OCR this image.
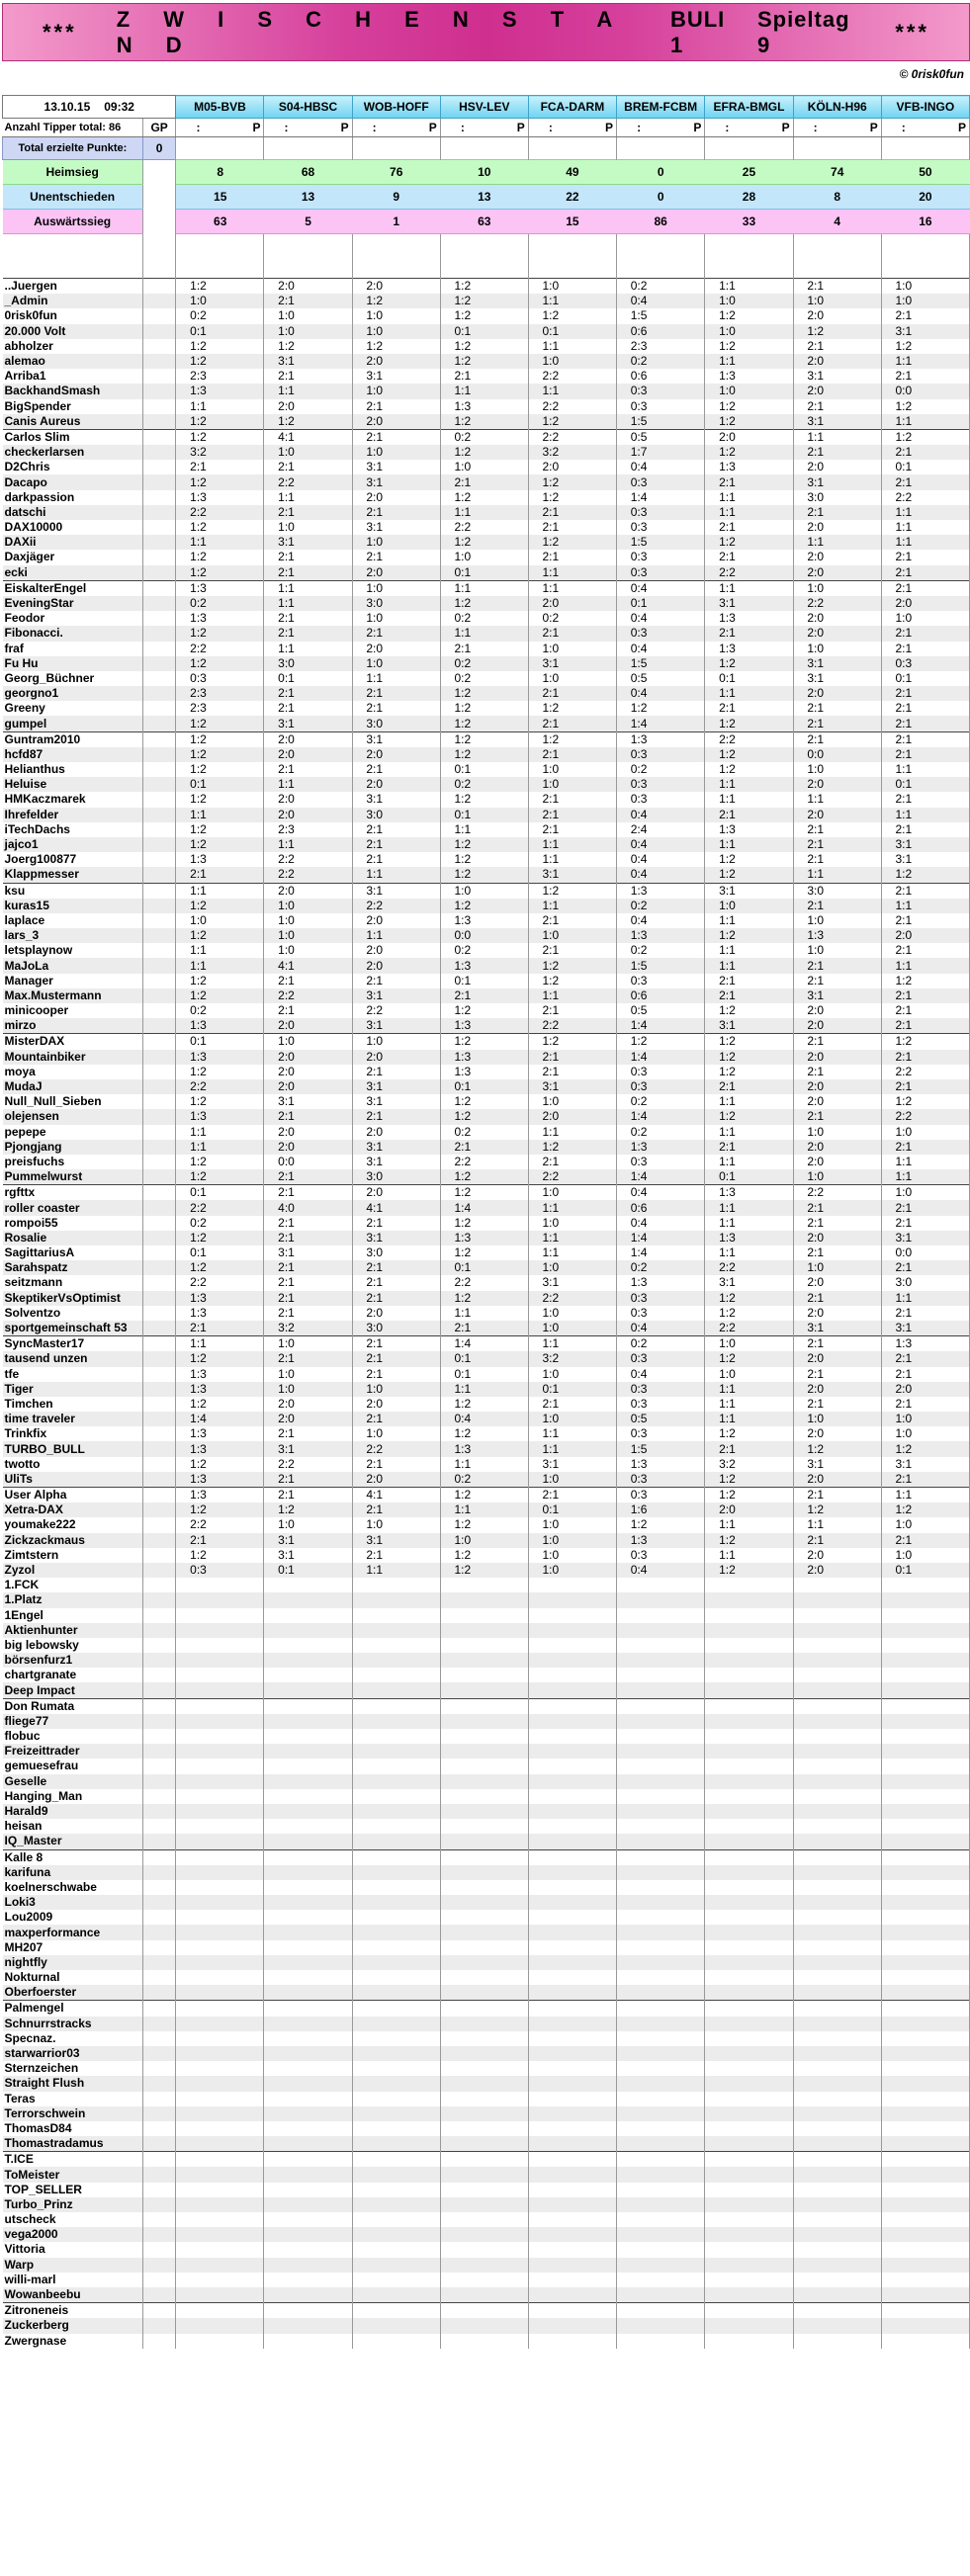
***
Z W I S C H E N S T A N D
BULI 1
Spieltag 9
***
© 0risk0fun
13.10.15 09:32		M05-BVB		S04-HBSC		WOB-HOFF		HSV-LEV		FCA-DARM		BREM-FCBM		EFRA-BMGL		KÖLN-H96		VFB-INGO	
Anzahl Tipper total: 86	GP	:	P	:	P	:	P	:	P	:	P	:	P	:	P	:	P	:	P
Total erzielte Punkte:	0																		
Heimsieg		8		68		76		10		49		0		25		74		50	
Unentschieden		15		13		9		13		22		0		28		8		20	
Auswärtssieg		63		5		1		63		15		86		33		4		16	

..Juergen		1:2		2:0		2:0		1:2		1:0		0:2		1:1		2:1		1:0	
_Admin		1:0		2:1		1:2		1:2		1:1		0:4		1:0		1:0		1:0	
0risk0fun		0:2		1:0		1:0		1:2		1:2		1:5		1:2		2:0		2:1	
20.000 Volt		0:1		1:0		1:0		0:1		0:1		0:6		1:0		1:2		3:1	
abholzer		1:2		1:2		1:2		1:2		1:1		2:3		1:2		2:1		1:2	
alemao		1:2		3:1		2:0		1:2		1:0		0:2		1:1		2:0		1:1	
Arriba1		2:3		2:1		3:1		2:1		2:2		0:6		1:3		3:1		2:1	
BackhandSmash		1:3		1:1		1:0		1:1		1:1		0:3		1:0		2:0		0:0	
BigSpender		1:1		2:0		2:1		1:3		2:2		0:3		1:2		2:1		1:2	
Canis Aureus		1:2		1:2		2:0		1:2		1:2		1:5		1:2		3:1		1:1	
Carlos Slim		1:2		4:1		2:1		0:2		2:2		0:5		2:0		1:1		1:2	
checkerlarsen		3:2		1:0		1:0		1:2		3:2		1:7		1:2		2:1		2:1	
D2Chris		2:1		2:1		3:1		1:0		2:0		0:4		1:3		2:0		0:1	
Dacapo		1:2		2:2		3:1		2:1		1:2		0:3		2:1		3:1		2:1	
darkpassion		1:3		1:1		2:0		1:2		1:2		1:4		1:1		3:0		2:2	
datschi		2:2		2:1		2:1		1:1		2:1		0:3		1:1		2:1		1:1	
DAX10000		1:2		1:0		3:1		2:2		2:1		0:3		2:1		2:0		1:1	
DAXii		1:1		3:1		1:0		1:2		1:2		1:5		1:2		1:1		1:1	
Daxjäger		1:2		2:1		2:1		1:0		2:1		0:3		2:1		2:0		2:1	
ecki		1:2		2:1		2:0		0:1		1:1		0:3		2:2		2:0		2:1	
EiskalterEngel		1:3		1:1		1:0		1:1		1:1		0:4		1:1		1:0		2:1	
EveningStar		0:2		1:1		3:0		1:2		2:0		0:1		3:1		2:2		2:0	
Feodor		1:3		2:1		1:0		0:2		0:2		0:4		1:3		2:0		1:0	
Fibonacci.		1:2		2:1		2:1		1:1		2:1		0:3		2:1		2:0		2:1	
fraf		2:2		1:1		2:0		2:1		1:0		0:4		1:3		1:0		2:1	
Fu Hu		1:2		3:0		1:0		0:2		3:1		1:5		1:2		3:1		0:3	
Georg_Büchner		0:3		0:1		1:1		0:2		1:0		0:5		0:1		3:1		0:1	
georgno1		2:3		2:1		2:1		1:2		2:1		0:4		1:1		2:0		2:1	
Greeny		2:3		2:1		2:1		1:2		1:2		1:2		2:1		2:1		2:1	
gumpel		1:2		3:1		3:0		1:2		2:1		1:4		1:2		2:1		2:1	
Guntram2010		1:2		2:0		3:1		1:2		1:2		1:3		2:2		2:1		2:1	
hcfd87		1:2		2:0		2:0		1:2		2:1		0:3		1:2		0:0		2:1	
Helianthus		1:2		2:1		2:1		0:1		1:0		0:2		1:2		1:0		1:1	
Heluise		0:1		1:1		2:0		0:2		1:0		0:3		1:1		2:0		0:1	
HMKaczmarek		1:2		2:0		3:1		1:2		2:1		0:3		1:1		1:1		2:1	
Ihrefelder		1:1		2:0		3:0		0:1		2:1		0:4		2:1		2:0		1:1	
iTechDachs		1:2		2:3		2:1		1:1		2:1		2:4		1:3		2:1		2:1	
jajco1		1:2		1:1		2:1		1:2		1:1		0:4		1:1		2:1		3:1	
Joerg100877		1:3		2:2		2:1		1:2		1:1		0:4		1:2		2:1		3:1	
Klappmesser		2:1		2:2		1:1		1:2		3:1		0:4		1:2		1:1		1:2	
ksu		1:1		2:0		3:1		1:0		1:2		1:3		3:1		3:0		2:1	
kuras15		1:2		1:0		2:2		1:2		1:1		0:2		1:0		2:1		1:1	
laplace		1:0		1:0		2:0		1:3		2:1		0:4		1:1		1:0		2:1	
lars_3		1:2		1:0		1:1		0:0		1:0		1:3		1:2		1:3		2:0	
letsplaynow		1:1		1:0		2:0		0:2		2:1		0:2		1:1		1:0		2:1	
MaJoLa		1:1		4:1		2:0		1:3		1:2		1:5		1:1		2:1		1:1	
Manager		1:2		2:1		2:1		0:1		1:2		0:3		2:1		2:1		1:2	
Max.Mustermann		1:2		2:2		3:1		2:1		1:1		0:6		2:1		3:1		2:1	
minicooper		0:2		2:1		2:2		1:2		2:1		0:5		1:2		2:0		2:1	
mirzo		1:3		2:0		3:1		1:3		2:2		1:4		3:1		2:0		2:1	
MisterDAX		0:1		1:0		1:0		1:2		1:2		1:2		1:2		2:1		1:2	
Mountainbiker		1:3		2:0		2:0		1:3		2:1		1:4		1:2		2:0		2:1	
moya		1:2		2:0		2:1		1:3		2:1		0:3		1:2		2:1		2:2	
MudaJ		2:2		2:0		3:1		0:1		3:1		0:3		2:1		2:0		2:1	
Null_Null_Sieben		1:2		3:1		3:1		1:2		1:0		0:2		1:1		2:0		1:2	
olejensen		1:3		2:1		2:1		1:2		2:0		1:4		1:2		2:1		2:2	
pepepe		1:1		2:0		2:0		0:2		1:1		0:2		1:1		1:0		1:0	
Pjongjang		1:1		2:0		3:1		2:1		1:2		1:3		2:1		2:0		2:1	
preisfuchs		1:2		0:0		3:1		2:2		2:1		0:3		1:1		2:0		1:1	
Pummelwurst		1:2		2:1		3:0		1:2		2:2		1:4		0:1		1:0		1:1	
rgfttx		0:1		2:1		2:0		1:2		1:0		0:4		1:3		2:2		1:0	
roller coaster		2:2		4:0		4:1		1:4		1:1		0:6		1:1		2:1		2:1	
rompoi55		0:2		2:1		2:1		1:2		1:0		0:4		1:1		2:1		2:1	
Rosalie		1:2		2:1		3:1		1:3		1:1		1:4		1:3		2:0		3:1	
SagittariusA		0:1		3:1		3:0		1:2		1:1		1:4		1:1		2:1		0:0	
Sarahspatz		1:2		2:1		2:1		0:1		1:0		0:2		2:2		1:0		2:1	
seitzmann		2:2		2:1		2:1		2:2		3:1		1:3		3:1		2:0		3:0	
SkeptikerVsOptimist		1:3		2:1		2:1		1:2		2:2		0:3		1:2		2:1		1:1	
Solventzo		1:3		2:1		2:0		1:1		1:0		0:3		1:2		2:0		2:1	
sportgemeinschaft 53		2:1		3:2		3:0		2:1		1:0		0:4		2:2		3:1		3:1	
SyncMaster17		1:1		1:0		2:1		1:4		1:1		0:2		1:0		2:1		1:3	
tausend unzen		1:2		2:1		2:1		0:1		3:2		0:3		1:2		2:0		2:1	
tfe		1:3		1:0		2:1		0:1		1:0		0:4		1:0		2:1		2:1	
Tiger		1:3		1:0		1:0		1:1		0:1		0:3		1:1		2:0		2:0	
Timchen		1:2		2:0		2:0		1:2		2:1		0:3		1:1		2:1		2:1	
time traveler		1:4		2:0		2:1		0:4		1:0		0:5		1:1		1:0		1:0	
Trinkfix		1:3		2:1		1:0		1:2		1:1		0:3		1:2		2:0		1:0	
TURBO_BULL		1:3		3:1		2:2		1:3		1:1		1:5		2:1		1:2		1:2	
twotto		1:2		2:2		2:1		1:1		3:1		1:3		3:2		3:1		3:1	
UliTs		1:3		2:1		2:0		0:2		1:0		0:3		1:2		2:0		2:1	
User Alpha		1:3		2:1		4:1		1:2		2:1		0:3		1:2		2:1		1:1	
Xetra-DAX		1:2		1:2		2:1		1:1		0:1		1:6		2:0		1:2		1:2	
youmake222		2:2		1:0		1:0		1:2		1:0		1:2		1:1		1:1		1:0	
Zickzackmaus		2:1		3:1		3:1		1:0		1:0		1:3		1:2		2:1		2:1	
Zimtstern		1:2		3:1		2:1		1:2		1:0		0:3		1:1		2:0		1:0	
Zyzol		0:3		0:1		1:1		1:2		1:0		0:4		1:2		2:0		0:1	
1.FCK																			
1.Platz																			
1Engel																			
Aktienhunter																			
big lebowsky																			
börsenfurz1																			
chartgranate																			
Deep Impact																			
Don Rumata																			
fliege77																			
flobuc																			
Freizeittrader																			
gemuesefrau																			
Geselle																			
Hanging_Man																			
Harald9																			
heisan																			
IQ_Master																			
Kalle 8																			
karifuna																			
koelnerschwabe																			
Loki3																			
Lou2009																			
maxperformance																			
MH207																			
nightfly																			
Nokturnal																			
Oberfoerster																			
Palmengel																			
Schnurrstracks																			
Specnaz.																			
starwarrior03																			
Sternzeichen																			
Straight Flush																			
Teras																			
Terrorschwein																			
ThomasD84																			
Thomastradamus																			
T.ICE																			
ToMeister																			
TOP_SELLER																			
Turbo_Prinz																			
utscheck																			
vega2000																			
Vittoria																			
Warp																			
willi-marl																			
Wowanbeebu																			
Zitroneneis																			
Zuckerberg																			
Zwergnase																			
